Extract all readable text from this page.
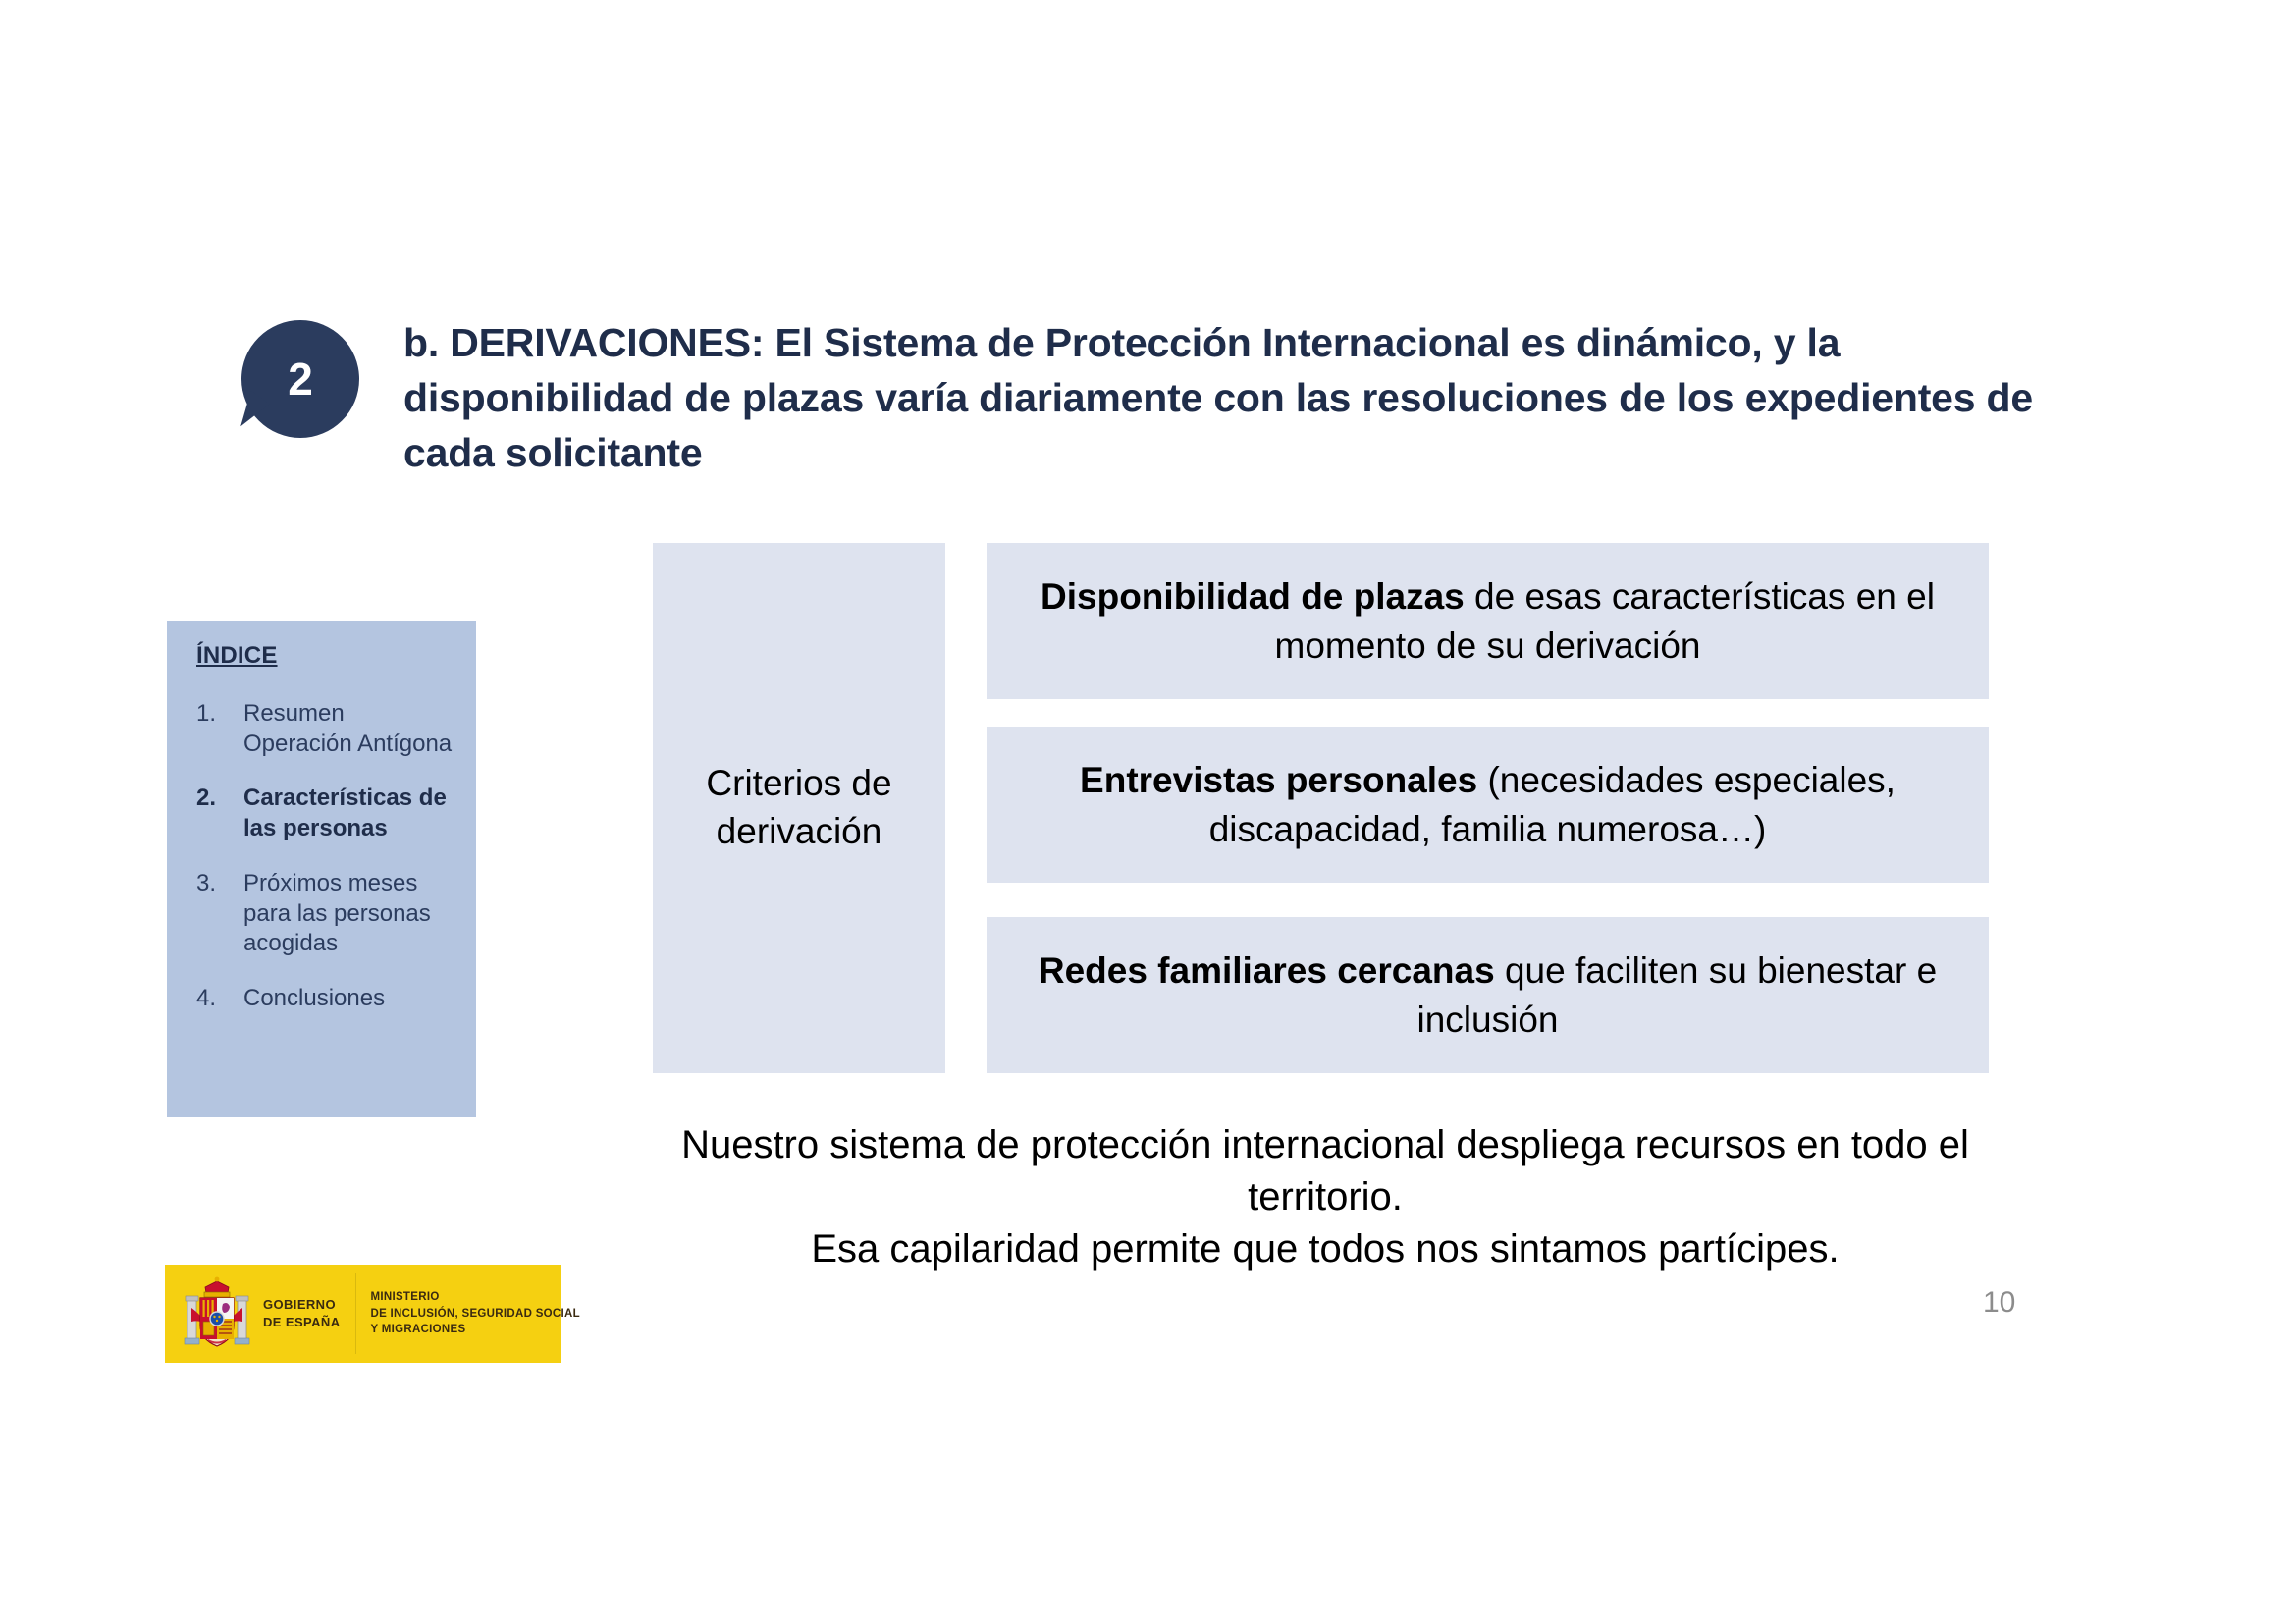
2
b. DERIVACIONES: El Sistema de Protección Internacional es dinámico, y la disponibilidad de plazas varía diariamente con las resoluciones de los expedientes de cada solicitante
ÍNDICE
1.	Resumen Operación Antígona
2.	Características de las personas
3.	Próximos meses para las personas acogidas
4.	Conclusiones
Criterios de derivación
Disponibilidad de plazas de esas características en el momento de su derivación
Entrevistas personales (necesidades especiales, discapacidad, familia numerosa…)
Redes familiares cercanas que faciliten su bienestar e inclusión
Nuestro sistema de protección internacional despliega recursos en todo el territorio.
Esa capilaridad permite que todos nos sintamos partícipes.
GOBIERNO
DE ESPAÑA
MINISTERIO
DE INCLUSIÓN, SEGURIDAD SOCIAL
Y MIGRACIONES
10
